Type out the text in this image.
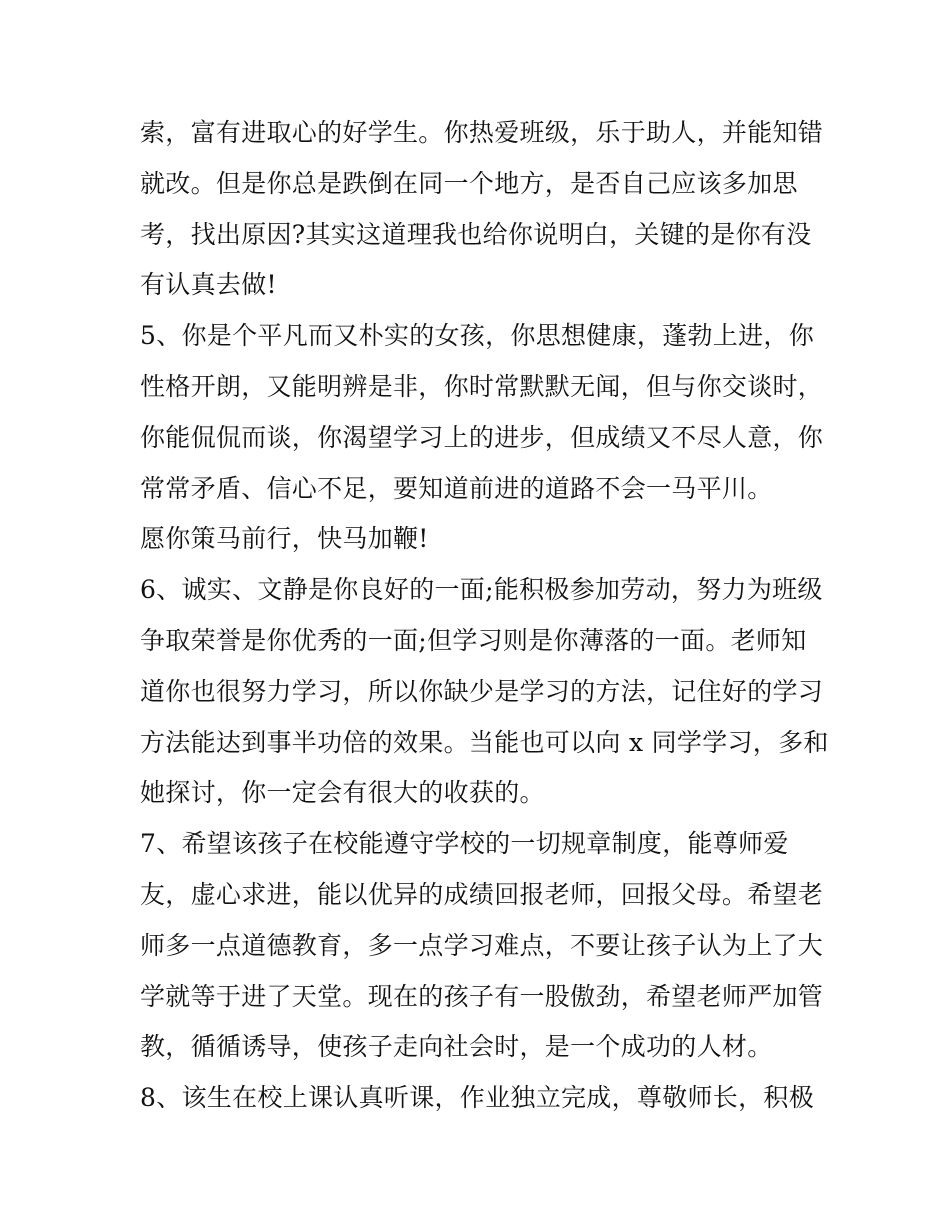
索，富有进取心的好学生。你热爱班级，乐于助人，并能知错
就改。但是你总是跌倒在同一个地方，是否自己应该多加思
考，找出原因?其实这道理我也给你说明白，关键的是你有没
有认真去做!
5、你是个平凡而又朴实的女孩，你思想健康，蓬勃上进，你
性格开朗，又能明辨是非，你时常默默无闻，但与你交谈时，
你能侃侃而谈，你渴望学习上的进步，但成绩又不尽人意，你
常常矛盾、信心不足，要知道前进的道路不会一马平川。
愿你策马前行，快马加鞭!
6、诚实、文静是你良好的一面;能积极参加劳动，努力为班级
争取荣誉是你优秀的一面;但学习则是你薄落的一面。老师知
道你也很努力学习，所以你缺少是学习的方法，记住好的学习
方法能达到事半功倍的效果。当能也可以向 x 同学学习，多和
她探讨，你一定会有很大的收获的。
7、希望该孩子在校能遵守学校的一切规章制度，能尊师爱
友，虚心求进，能以优异的成绩回报老师，回报父母。希望老
师多一点道德教育，多一点学习难点，不要让孩子认为上了大
学就等于进了天堂。现在的孩子有一股傲劲，希望老师严加管
教，循循诱导，使孩子走向社会时，是一个成功的人材。
8、该生在校上课认真听课，作业独立完成，尊敬师长，积极
